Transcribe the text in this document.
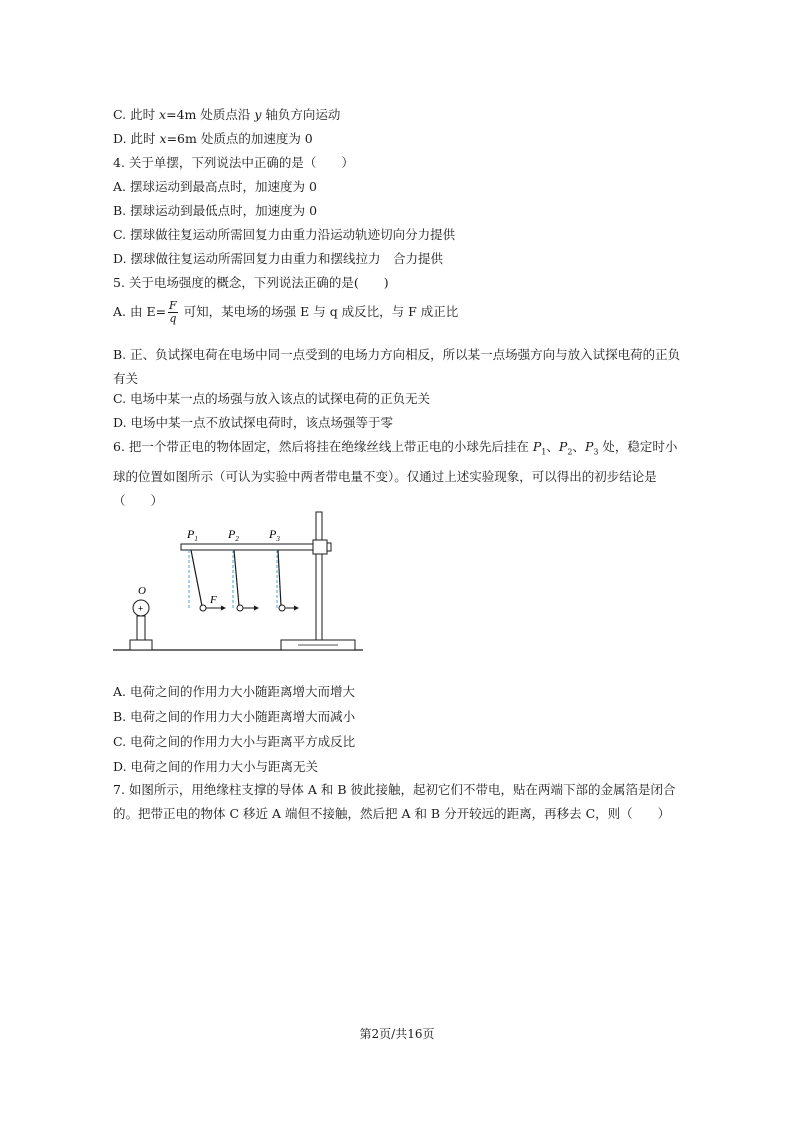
C. 此时 x=4m 处质点沿 y 轴负方向运动
D. 此时 x=6m 处质点的加速度为 0
4. 关于单摆，下列说法中正确的是（　　）
A. 摆球运动到最高点时，加速度为 0
B. 摆球运动到最低点时，加速度为 0
C. 摆球做往复运动所需回复力由重力沿运动轨迹切向分力提供
D. 摆球做往复运动所需回复力由重力和摆线拉力　合力提供
5. 关于电场强度的概念，下列说法正确的是(　　)
A. 由 $E= \frac{F}{q}$ 可知，某电场的场强 E 与 q 成反比，与 F 成正比
B. 正、负试探电荷在电场中同一点受到的电场力方向相反，所以某一点场强方向与放入试探电荷的正负有关
C. 电场中某一点的场强与放入该点的试探电荷的正负无关
D. 电场中某一点不放试探电荷时，该点场强等于零
6. 把一个带正电的物体固定，然后将挂在绝缘丝线上带正电的小球先后挂在 $P_1$、$P_2$、$P_3$ 处，稳定时小球的位置如图所示（可认为实验中两者带电量不变）。仅通过上述实验现象，可以得出的初步结论是（　　）
$P_1$	$P_2$	$P_3$
F
O
+
A. 电荷之间的作用力大小随距离增大而增大
B. 电荷之间的作用力大小随距离增大而减小
C. 电荷之间的作用力大小与距离平方成反比
D. 电荷之间的作用力大小与距离无关
7. 如图所示，用绝缘柱支撑的导体 A 和 B 彼此接触，起初它们不带电，贴在两端下部的金属箔是闭合的。把带正电的物体 C 移近 A 端但不接触，然后把 A 和 B 分开较远的距离，再移去 C，则（　　）
第2页/共16页
